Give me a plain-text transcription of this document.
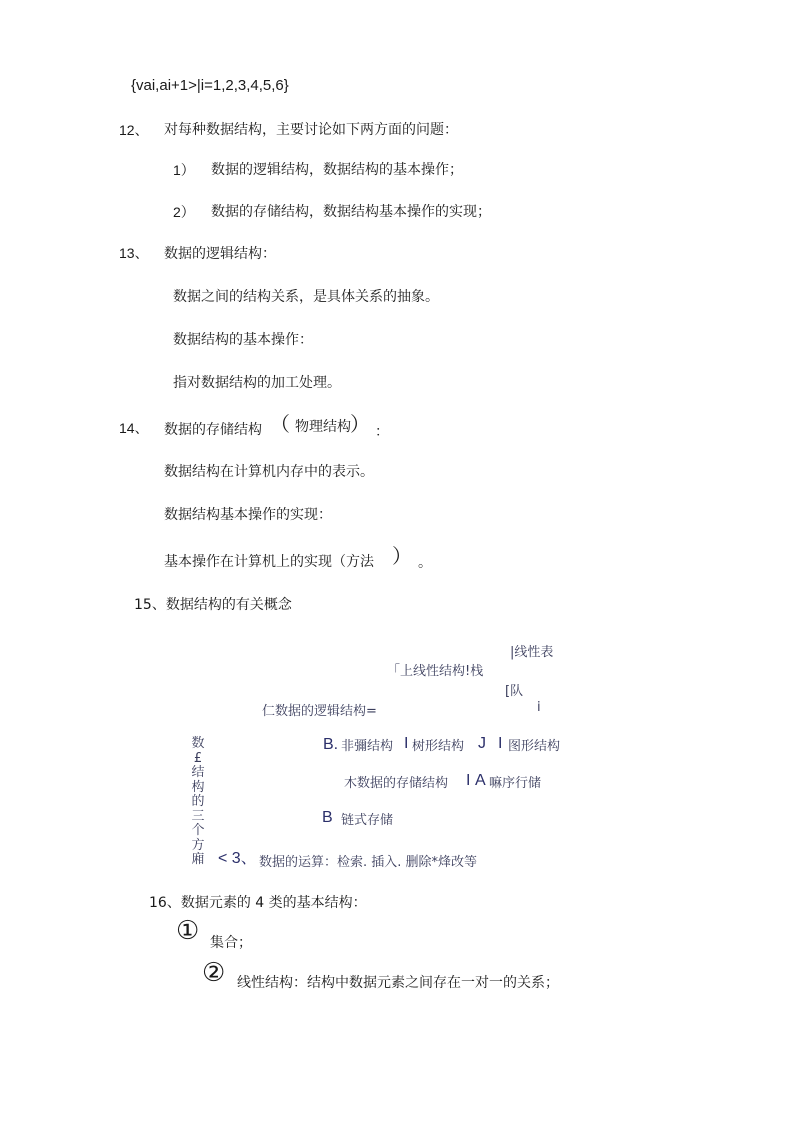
{vai,ai+1>|i=1,2,3,4,5,6}
12、 对每种数据结构，主要讨论如下两方面的问题：
1） 数据的逻辑结构，数据结构的基本操作；
2） 数据的存储结构，数据结构基本操作的实现；
13、 数据的逻辑结构：
数据之间的结构关系，是具体关系的抽象。
数据结构的基本操作：
指对数据结构的加工处理。
14、 数据的存储结构 （ 物理结构 ） ：
数据结构在计算机内存中的表示。
数据结构基本操作的实现：
基本操作在计算机上的实现（方法 ） 。
15、数据结构的有关概念
|线性表
「上线性结构!栈
[队
i
仁数据的逻辑结构=
B. 非彌结构 I 树形结构 J I 图形结构
木数据的存储结构 I A 嘛序行储
B 链式存储
< 3、 数据的运算：检索. 插入. 删除*烽改等
数
£
结
构
的
三
个
方
廂
16、数据元素的 4 类的基本结构：
① 集合；
② 线性结构：结构中数据元素之间存在一对一的关系；
